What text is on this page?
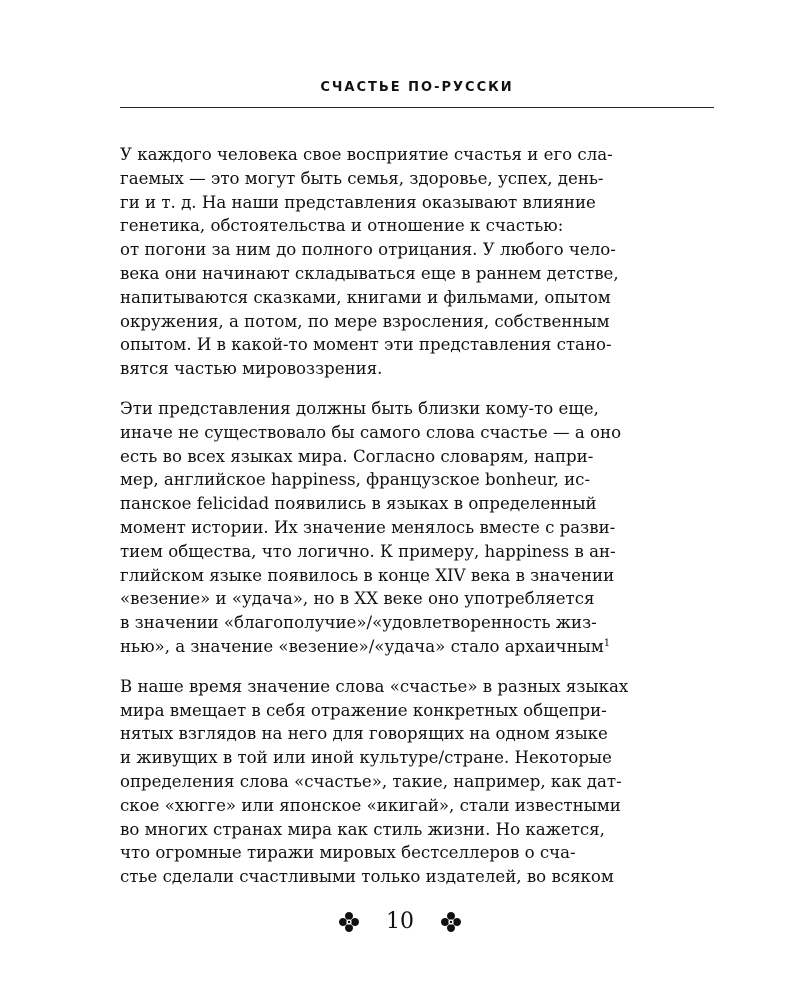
СЧАСТЬЕ ПО-РУССКИ
У каждого человека свое восприятие счастья и его сла-
гаемых — это могут быть семья, здоровье, успех, день-
ги и т. д. На наши представления оказывают влияние
генетика, обстоятельства и отношение к счастью:
от погони за ним до полного отрицания. У любого чело-
века они начинают складываться еще в раннем детстве,
напитываются сказками, книгами и фильмами, опытом
окружения, а потом, по мере взросления, собственным
опытом. И в какой-то момент эти представления стано-
вятся частью мировоззрения.
Эти представления должны быть близки кому-то еще,
иначе не существовало бы самого слова счастье — а оно
есть во всех языках мира. Согласно словарям, напри-
мер, английское happiness, французское bonheur, ис-
панское felicidad появились в языках в определенный
момент истории. Их значение менялось вместе с разви-
тием общества, что логично. К примеру, happiness в ан-
глийском языке появилось в конце XIV века в значении
«везение» и «удача», но в XX веке оно употребляется
в значении «благополучие»/«удовлетворенность жиз-
нью», а значение «везение»/«удача» стало архаичным$^1$
В наше время значение слова «счастье» в разных языках
мира вмещает в себя отражение конкретных общепри-
нятых взглядов на него для говорящих на одном языке
и живущих в той или иной культуре/стране. Некоторые
определения слова «счастье», такие, например, как дат-
ское «хюгге» или японское «икигай», стали известными
во многих странах мира как стиль жизни. Но кажется,
что огромные тиражи мировых бестселлеров о сча-
стье сделали счастливыми только издателей, во всяком
10
